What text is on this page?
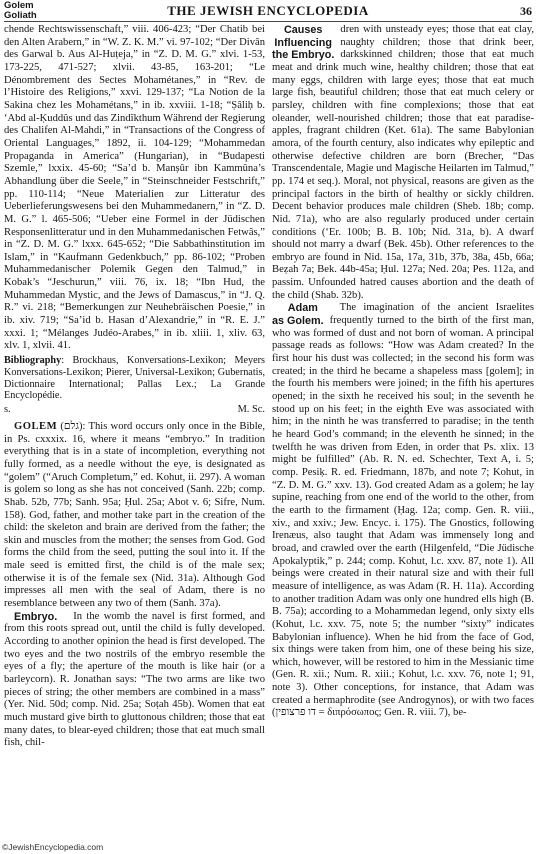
Golem
Goliath	THE JEWISH ENCYCLOPEDIA	36

chende Rechtswissenschaft,” viii. 406-423; “Der Chatib bei den Alten Arabern,” in “W. Z. K. M.” vi. 97-102; “Der Divân des Garwal b. Aus Al-Huṭeja,” in “Z. D. M. G.” xlvi. 1-53, 173-225, 471-527; xlvii. 43-85, 163-201; “Le Dénombrement des Sectes Mohamétanes,” in “Rev. de l’Histoire des Religions,” xxvi. 129-137; “La Notion de la Sakina chez les Mohamétans,” in ib. xxviii. 1-18; “Ṣâliḥ b. ‘Abd al-Ḳuddûs und das Zindîkthum Während der Regierung des Chalifen Al-Mahdi,” in “Transactions of the Congress of Oriental Languages,” 1892, ii. 104-129; “Mohammedan Propaganda in America” (Hungarian), in “Budapesti Szemle,” lxxix. 45-60; “Sa’d b. Manṣûr ibn Kammûna’s Abhandlung über die Seele,” in “Steinschneider Festschrift,” pp. 110-114; “Neue Materialien zur Litteratur des Ueberlieferungswesens bei den Muhammedanern,” in “Z. D. M. G.” l. 465-506; “Ueber eine Formel in der Jüdischen Responsenlitteratur und in den Muhammedanischen Fetwâs,” in “Z. D. M. G.” lxxx. 645-652; “Die Sabbathinstitution im Islam,” in “Kaufmann Gedenkbuch,” pp. 86-102; “Proben Muhammedanischer Polemik Gegen den Talmud,” in Kobak’s “Jeschurun,” viii. 76, ix. 18; “Ibn Hud, the Muhammedan Mystic, and the Jews of Damascus,” in “J. Q. R.” vi. 218; “Bemerkungen zur Neuhebräischen Poesie,” in ib. xiv. 719; “Sa’id b. Hasan d’Alexandrie,” in “R. E. J.” xxxi. 1; “Mélanges Judéo-Arabes,” in ib. xliii. 1, xliv. 63, xlv. 1, xlvii. 41.

Bibliography: Brockhaus, Konversations-Lexikon; Meyers Konversations-Lexikon; Pierer, Universal-Lexikon; Gubernatis, Dictionnaire International; Pallas Lex.; La Grande Encyclopédie.

s.	M. Sc.

GOLEM (גלם): This word occurs only once in the Bible, in Ps. cxxxix. 16, where it means “embryo.” In tradition everything that is in a state of incompletion, everything not fully formed, as a needle without the eye, is designated as “golem” (“Aruch Completum,” ed. Kohut, ii. 297). A woman is golem so long as she has not conceived (Sanh. 22b; comp. Shab. 52b, 77b; Sanh. 95a; Ḥul. 25a; Abot v. 6; Sifre, Num. 158). God, father, and mother take part in the creation of the child: the skeleton and brain are derived from the father; the skin and muscles from the mother; the senses from God. God forms the child from the seed, putting the soul into it. If the male seed is emitted first, the child is of the male sex; otherwise it is of the female sex (Nid. 31a). Although God impresses all men with the seal of Adam, there is no resemblance between any two of them (Sanh. 37a).

Embryo. In the womb the navel is first formed, and from this roots spread out, until the child is fully developed. According to another opinion the head is first developed. The two eyes and the two nostrils of the embryo resemble the eyes of a fly; the aperture of the mouth is like hair (or a barleycorn). R. Jonathan says: “The two arms are like two pieces of string; the other members are combined in a mass” (Yer. Nid. 50d; comp. Nid. 25a; Soṭah 45b). Women that eat much mustard give birth to gluttonous children; those that eat many dates, to blear-eyed children; those that eat much small fish, chil-

Causes
Influencing
the Embryo.
dren with unsteady eyes; those that eat clay, naughty children; those that drink beer, darkskinned children; those that eat much meat and drink much wine, healthy children; those that eat many eggs, children with large eyes; those that eat much large fish, beautiful children; those that eat much celery or parsley, children with fine complexions; those that eat oleander, well-nourished children; those that eat paradise-apples, fragrant children (Ket. 61a). The same Babylonian amora, of the fourth century, also indicates why epileptic and otherwise defective children are born (Brecher, “Das Transcendentale, Magie und Magische Heilarten im Talmud,” pp. 174 et seq.). Moral, not physical, reasons are given as the principal factors in the birth of healthy or sickly children. Decent behavior produces male children (Sheb. 18b; comp. Nid. 71a), who are also regularly produced under certain conditions (‘Er. 100b; B. B. 10b; Nid. 31a, b). A dwarf should not marry a dwarf (Bek. 45b). Other references to the embryo are found in Nid. 15a, 17a, 31b, 37b, 38a, 45b, 66a; Beẓah 7a; Bek. 44b-45a; Ḥul. 127a; Ned. 20a; Pes. 112a, and passim. Unfounded hatred causes abortion and the death of the child (Shab. 32b).

Adam
as Golem.
The imagination of the ancient Israelites frequently turned to the birth of the first man, who was formed of dust and not born of woman. A principal passage reads as follows: “How was Adam created? In the first hour his dust was collected; in the second his form was created; in the third he became a shapeless mass [golem]; in the fourth his members were joined; in the fifth his apertures opened; in the sixth he received his soul; in the seventh he stood up on his feet; in the eighth Eve was associated with him; in the ninth he was transferred to paradise; in the tenth he heard God’s command; in the eleventh he sinned; in the twelfth he was driven from Eden, in order that Ps. xlix. 13 might be fulfilled” (Ab. R. N. ed. Schechter, Text A, i. 5; comp. Pesiḳ. R. ed. Friedmann, 187b, and note 7; Kohut, in “Z. D. M. G.” xxv. 13). God created Adam as a golem; he lay supine, reaching from one end of the world to the other, from the earth to the firmament (Ḥag. 12a; comp. Gen. R. viii., xiv., and xxiv.; Jew. Encyc. i. 175). The Gnostics, following Irenæus, also taught that Adam was immensely long and broad, and crawled over the earth (Hilgenfeld, “Die Jüdische Apokalyptik,” p. 244; comp. Kohut, l.c. xxv. 87, note 1). All beings were created in their natural size and with their full measure of intelligence, as was Adam (R. H. 11a). According to another tradition Adam was only one hundred ells high (B. B. 75a); according to a Mohammedan legend, only sixty ells (Kohut, l.c. xxv. 75, note 5; the number “sixty” indicates Babylonian influence). When he hid from the face of God, six things were taken from him, one of these being his size, which, however, will be restored to him in the Messianic time (Gen. R. xii.; Num. R. xiii.; Kohut, l.c. xxv. 76, note 1; 91, note 3). Other conceptions, for instance, that Adam was created a hermaphrodite (see Androgynos), or with two faces (דו פרצופין = διπρόσωπος; Gen. R. viii. 7), be-

©JewishEncyclopedia.com
